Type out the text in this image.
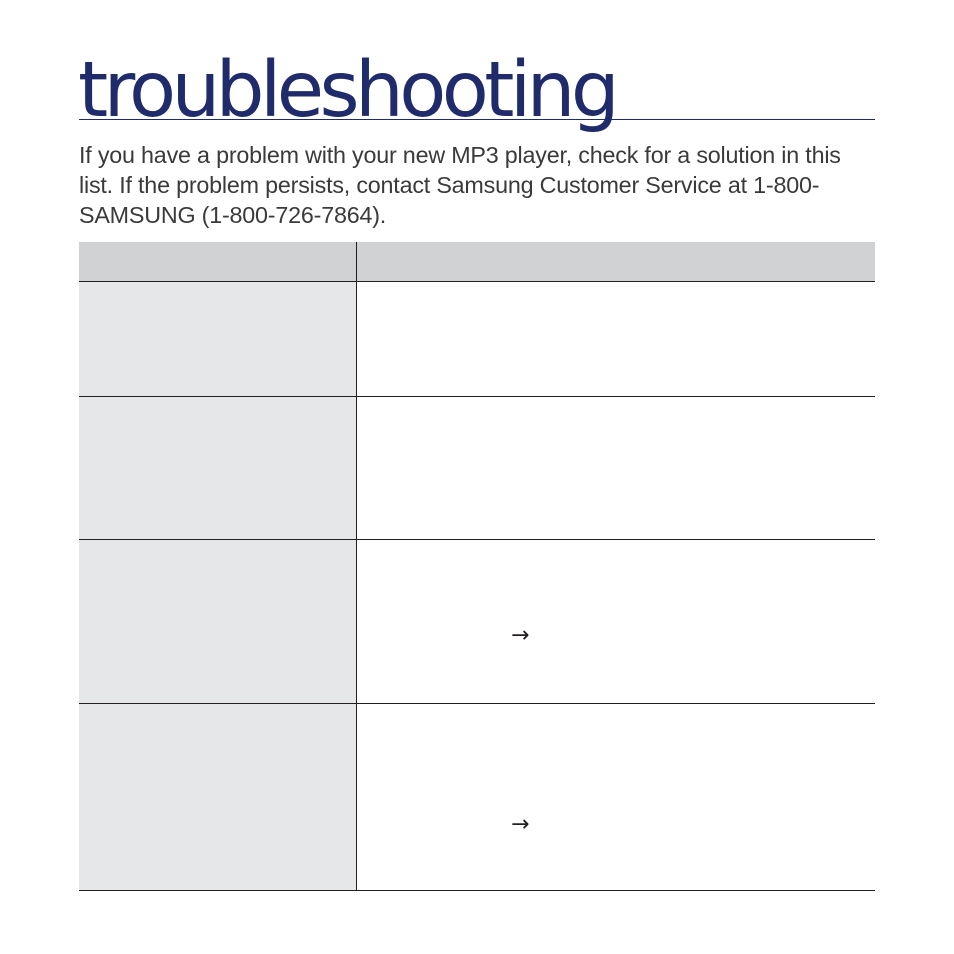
troubleshooting

If you have a problem with your new MP3 player, check for a solution in this list. If the problem persists, contact Samsung Customer Service at 1-800-SAMSUNG (1-800-726-7864).

→
→
